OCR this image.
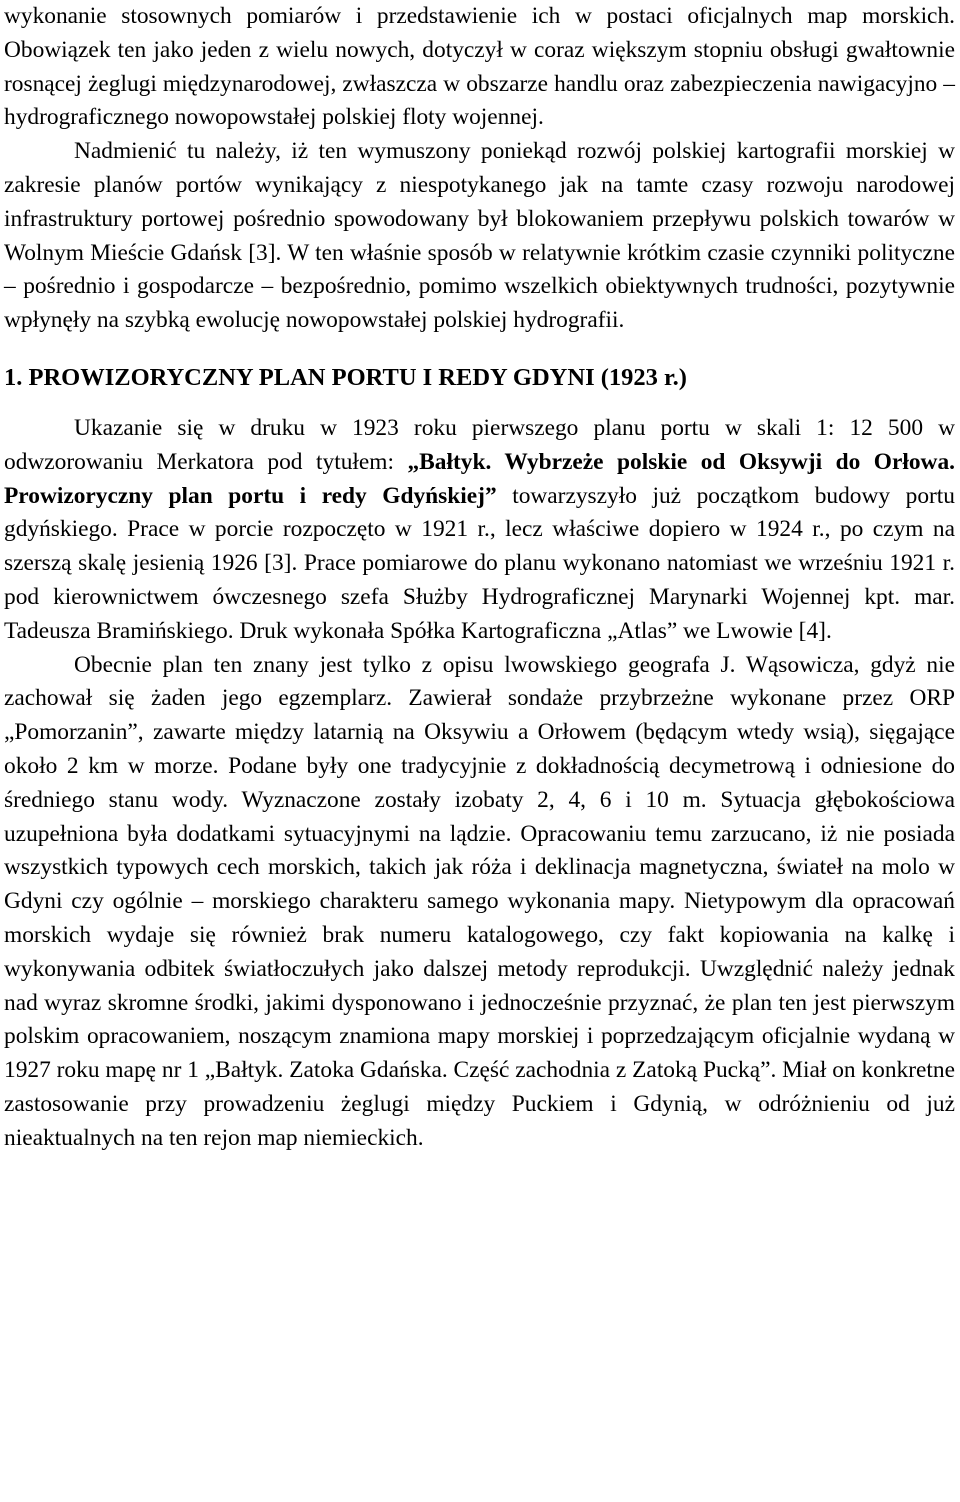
wykonanie stosownych pomiarów i przedstawienie ich w postaci oficjalnych map morskich. Obowiązek ten jako jeden z wielu nowych, dotyczył w coraz większym stopniu obsługi gwałtownie rosnącej żeglugi międzynarodowej, zwłaszcza w obszarze handlu oraz zabezpieczenia nawigacyjno – hydrograficznego nowopowstałej polskiej floty wojennej.

Nadmienić tu należy, iż ten wymuszony poniekąd rozwój polskiej kartografii morskiej w zakresie planów portów wynikający z niespotykanego jak na tamte czasy rozwoju narodowej infrastruktury portowej pośrednio spowodowany był blokowaniem przepływu polskich towarów w Wolnym Mieście Gdańsk [3]. W ten właśnie sposób w relatywnie krótkim czasie czynniki polityczne – pośrednio i gospodarcze – bezpośrednio, pomimo wszelkich obiektywnych trudności, pozytywnie wpłynęły na szybką ewolucję nowopowstałej polskiej hydrografii.

1. PROWIZORYCZNY PLAN PORTU I REDY GDYNI (1923 r.)

Ukazanie się w druku w 1923 roku pierwszego planu portu w skali 1: 12 500 w odwzorowaniu Merkatora pod tytułem: „Bałtyk. Wybrzeże polskie od Oksywji do Orłowa. Prowizoryczny plan portu i redy Gdyńskiej” towarzyszyło już początkom budowy portu gdyńskiego. Prace w porcie rozpoczęto w 1921 r., lecz właściwe dopiero w 1924 r., po czym na szerszą skalę jesienią 1926 [3]. Prace pomiarowe do planu wykonano natomiast we wrześniu 1921 r. pod kierownictwem ówczesnego szefa Służby Hydrograficznej Marynarki Wojennej kpt. mar. Tadeusza Bramińskiego. Druk wykonała Spółka Kartograficzna „Atlas” we Lwowie [4].

Obecnie plan ten znany jest tylko z opisu lwowskiego geografa J. Wąsowicza, gdyż nie zachował się żaden jego egzemplarz. Zawierał sondaże przybrzeżne wykonane przez ORP „Pomorzanin”, zawarte między latarnią na Oksywiu a Orłowem (będącym wtedy wsią), sięgające około 2 km w morze. Podane były one tradycyjnie z dokładnością decymetrową i odniesione do średniego stanu wody. Wyznaczone zostały izobaty 2, 4, 6 i 10 m. Sytuacja głębokościowa uzupełniona była dodatkami sytuacyjnymi na lądzie. Opracowaniu temu zarzucano, iż nie posiada wszystkich typowych cech morskich, takich jak róża i deklinacja magnetyczna, świateł na molo w Gdyni czy ogólnie – morskiego charakteru samego wykonania mapy. Nietypowym dla opracowań morskich wydaje się również brak numeru katalogowego, czy fakt kopiowania na kalkę i wykonywania odbitek światłoczułych jako dalszej metody reprodukcji. Uwzględnić należy jednak nad wyraz skromne środki, jakimi dysponowano i jednocześnie przyznać, że plan ten jest pierwszym polskim opracowaniem, noszącym znamiona mapy morskiej i poprzedzającym oficjalnie wydaną w 1927 roku mapę nr 1 „Bałtyk. Zatoka Gdańska. Część zachodnia z Zatoką Pucką”. Miał on konkretne zastosowanie przy prowadzeniu żeglugi między Puckiem i Gdynią, w odróżnieniu od już nieaktualnych na ten rejon map niemieckich.
